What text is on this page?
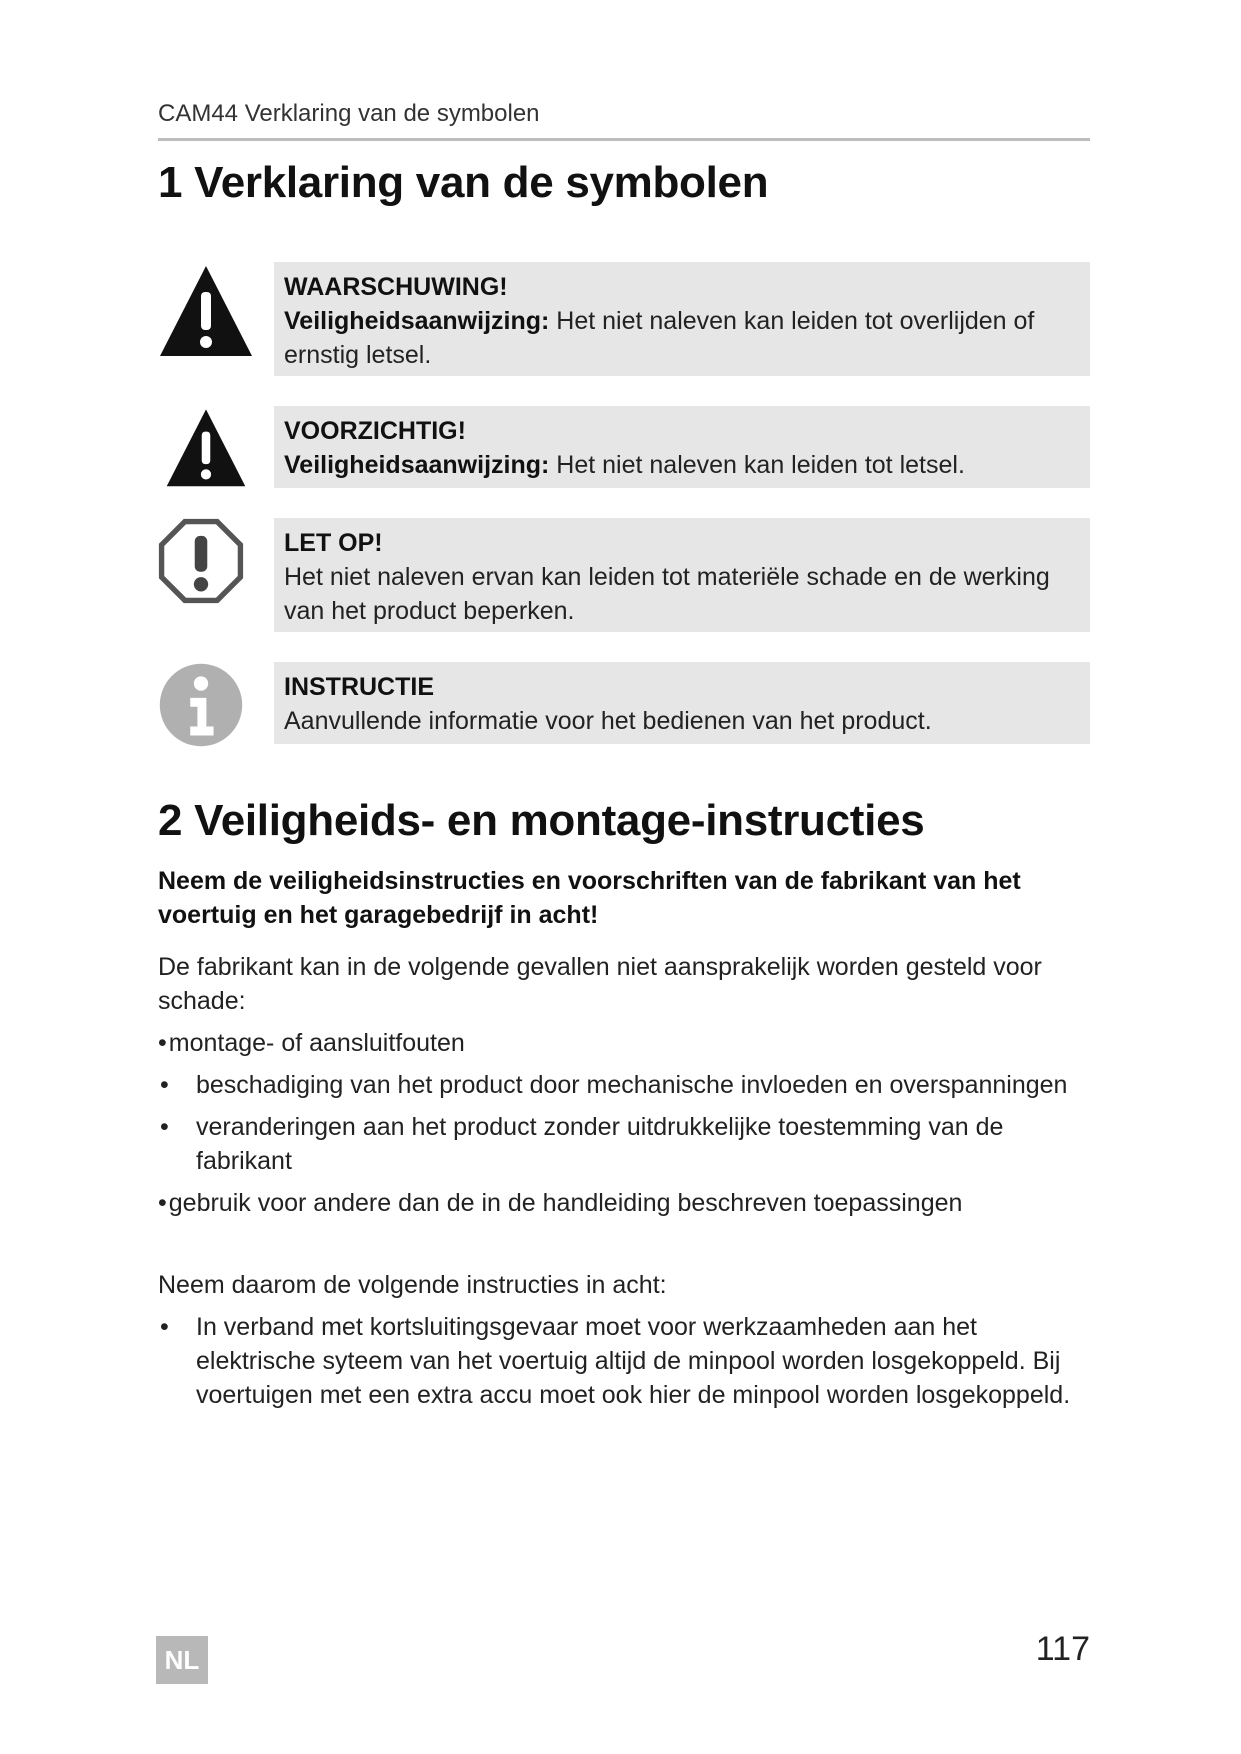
CAM44 Verklaring van de symbolen
1 Verklaring van de symbolen
WAARSCHUWING!
Veiligheidsaanwijzing: Het niet naleven kan leiden tot overlijden of ernstig letsel.
VOORZICHTIG!
Veiligheidsaanwijzing: Het niet naleven kan leiden tot letsel.
LET OP!
Het niet naleven ervan kan leiden tot materiële schade en de werking van het product beperken.
INSTRUCTIE
Aanvullende informatie voor het bedienen van het product.
2 Veiligheids- en montage-instructies
Neem de veiligheidsinstructies en voorschriften van de fabrikant van het voertuig en het garagebedrijf in acht!
De fabrikant kan in de volgende gevallen niet aansprakelijk worden gesteld voor schade:
•montage- of aansluitfouten
• beschadiging van het product door mechanische invloeden en overspanningen
• veranderingen aan het product zonder uitdrukkelijke toestemming van de fabrikant
•gebruik voor andere dan de in de handleiding beschreven toepassingen
Neem daarom de volgende instructies in acht:
• In verband met kortsluitingsgevaar moet voor werkzaamheden aan het elektrische syteem van het voertuig altijd de minpool worden losgekoppeld. Bij voertuigen met een extra accu moet ook hier de minpool worden losgekoppeld.
NL	117
